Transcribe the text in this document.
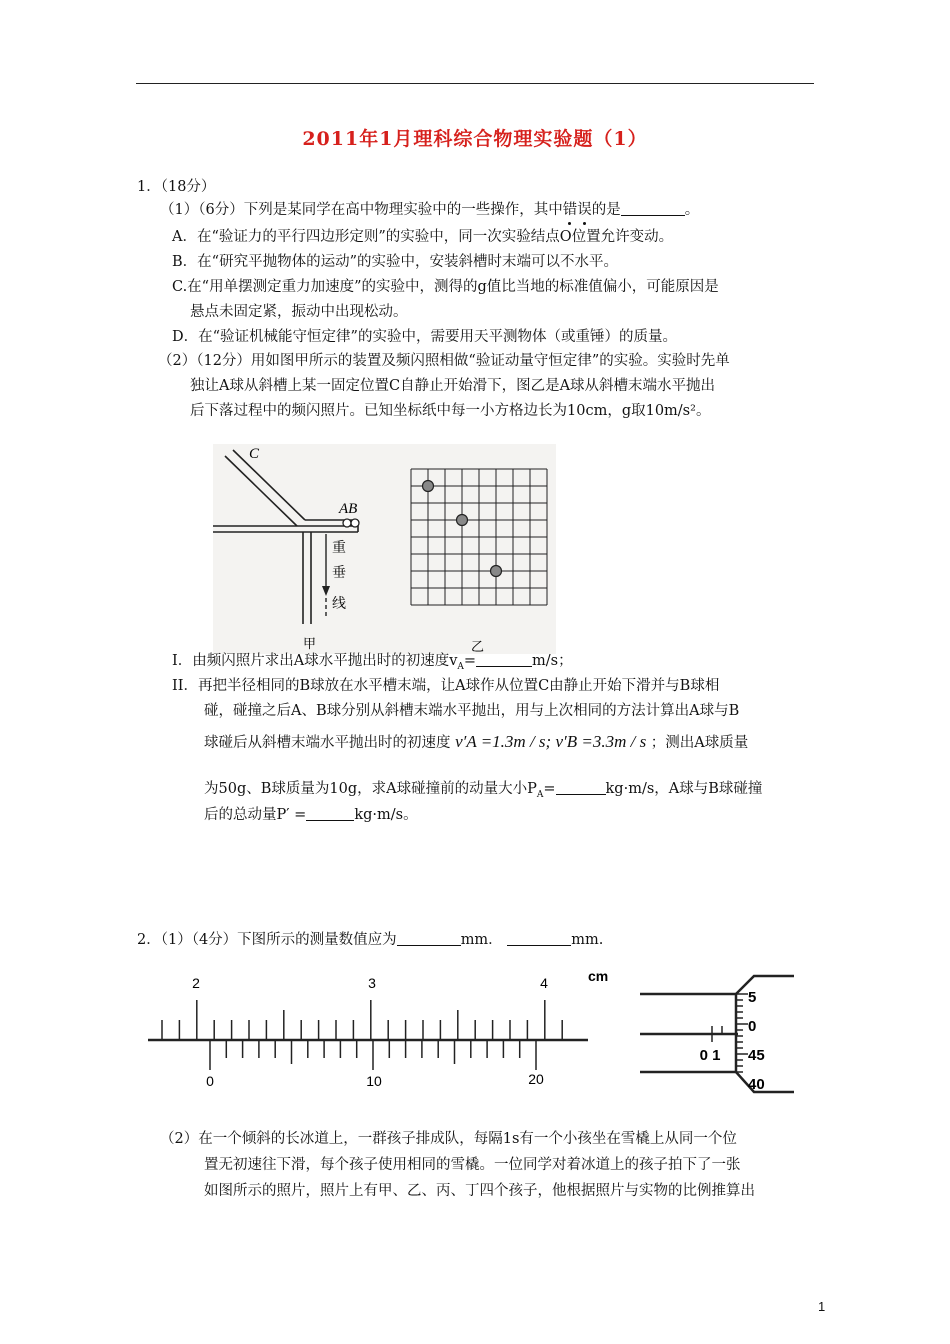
2011年1月理科综合物理实验题（1）
1．（18分）
（1）（6分）下列是某同学在高中物理实验中的一些操作，其中错误的是	。
A．在“验证力的平行四边形定则”的实验中，同一次实验结点O位置允许变动。
B．在“研究平抛物体的运动”的实验中，安装斜槽时末端可以不水平。
C.在“用单摆测定重力加速度”的实验中，测得的g值比当地的标准值偏小，可能原因是
悬点未固定紧，振动中出现松动。
D．在“验证机械能守恒定律”的实验中，需要用天平测物体（或重锤）的质量。
（2）（12分）用如图甲所示的装置及频闪照相做“验证动量守恒定律”的实验。实验时先单
独让A球从斜槽上某一固定位置C自静止开始滑下，图乙是A球从斜槽末端水平抛出
后下落过程中的频闪照片。已知坐标纸中每一小方格边长为10cm，g取10m/s²。
C
AB
重
垂
线
甲	乙
I．由频闪照片求出A球水平抛出时的初速度$v_A=$	m/s；
II．再把半径相同的B球放在水平槽末端，让A球作从位置C由静止开始下滑并与B球相
碰，碰撞之后A、B球分别从斜槽末端水平抛出，用与上次相同的方法计算出A球与B
球碰后从斜槽末端水平抛出时的初速度 v′A =1.3m / s; v′B =3.3m / s ；测出A球质量
为50g、B球质量为10g，求A球碰撞前的动量大小$P_A=$	kg·m/s，A球与B球碰撞
后的总动量P′ =	kg·m/s。
2．（1）（4分）下图所示的测量数值应为	mm．	mm.
2	3	4	cm
0	10	20
0 1
5
0
45
40
（2）在一个倾斜的长冰道上，一群孩子排成队，每隔1s有一个小孩坐在雪橇上从同一个位
置无初速往下滑，每个孩子使用相同的雪橇。一位同学对着冰道上的孩子拍下了一张
如图所示的照片，照片上有甲、乙、丙、丁四个孩子，他根据照片与实物的比例推算出
1
